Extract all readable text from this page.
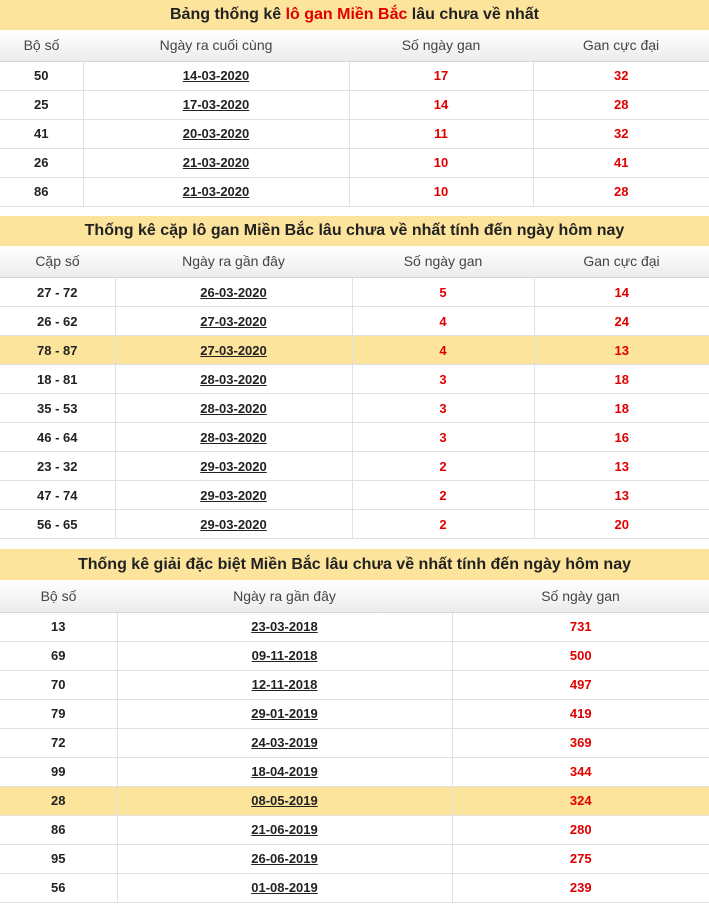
Bảng thống kê lô gan Miền Bắc lâu chưa về nhất
Bộ số	Ngày ra cuối cùng	Số ngày gan	Gan cực đại
50	14-03-2020	17	32
25	17-03-2020	14	28
41	20-03-2020	11	32
26	21-03-2020	10	41
86	21-03-2020	10	28
Thống kê cặp lô gan Miền Bắc lâu chưa về nhất tính đến ngày hôm nay
Cặp số	Ngày ra gần đây	Số ngày gan	Gan cực đại
27 - 72	26-03-2020	5	14
26 - 62	27-03-2020	4	24
78 - 87	27-03-2020	4	13
18 - 81	28-03-2020	3	18
35 - 53	28-03-2020	3	18
46 - 64	28-03-2020	3	16
23 - 32	29-03-2020	2	13
47 - 74	29-03-2020	2	13
56 - 65	29-03-2020	2	20
Thống kê giải đặc biệt Miền Bắc lâu chưa về nhất tính đến ngày hôm nay
Bộ số	Ngày ra gần đây	Số ngày gan
13	23-03-2018	731
69	09-11-2018	500
70	12-11-2018	497
79	29-01-2019	419
72	24-03-2019	369
99	18-04-2019	344
28	08-05-2019	324
86	21-06-2019	280
95	26-06-2019	275
56	01-08-2019	239
